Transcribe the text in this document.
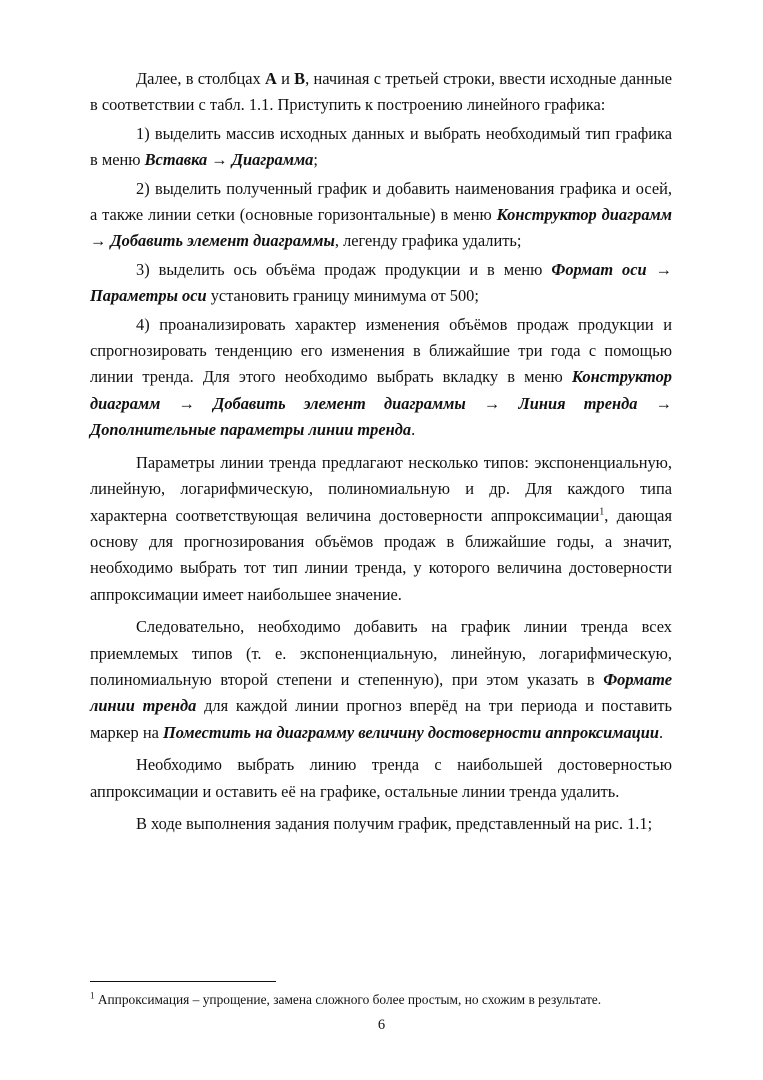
Далее, в столбцах A и B, начиная с третьей строки, ввести исходные данные в соответствии с табл. 1.1. Приступить к построению линейного графика:

1) выделить массив исходных данных и выбрать необходимый тип графика в меню Вставка → Диаграмма;

2) выделить полученный график и добавить наименования графика и осей, а также линии сетки (основные горизонтальные) в меню Конструктор диаграмм → Добавить элемент диаграммы, легенду графика удалить;

3) выделить ось объёма продаж продукции и в меню Формат оси → Параметры оси установить границу минимума от 500;

4) проанализировать характер изменения объёмов продаж продукции и спрогнозировать тенденцию его изменения в ближайшие три года с помощью линии тренда. Для этого необходимо выбрать вкладку в меню Конструктор диаграмм → Добавить элемент диаграммы → Линия тренда → Дополнительные параметры линии тренда.

Параметры линии тренда предлагают несколько типов: экспоненциальную, линейную, логарифмическую, полиномиальную и др. Для каждого типа характерна соответствующая величина достоверности аппроксимации$^1$, дающая основу для прогнозирования объёмов продаж в ближайшие годы, а значит, необходимо выбрать тот тип линии тренда, у которого величина достоверности аппроксимации имеет наибольшее значение.

Следовательно, необходимо добавить на график линии тренда всех приемлемых типов (т. е. экспоненциальную, линейную, логарифмическую, полиномиальную второй степени и степенную), при этом указать в Формате линии тренда для каждой линии прогноз вперёд на три периода и поставить маркер на Поместить на диаграмму величину достоверности аппроксимации.

Необходимо выбрать линию тренда с наибольшей достоверностью аппроксимации и оставить её на графике, остальные линии тренда удалить.

В ходе выполнения задания получим график, представленный на рис. 1.1;

$^1$ Аппроксимация – упрощение, замена сложного более простым, но схожим в результате.
6
